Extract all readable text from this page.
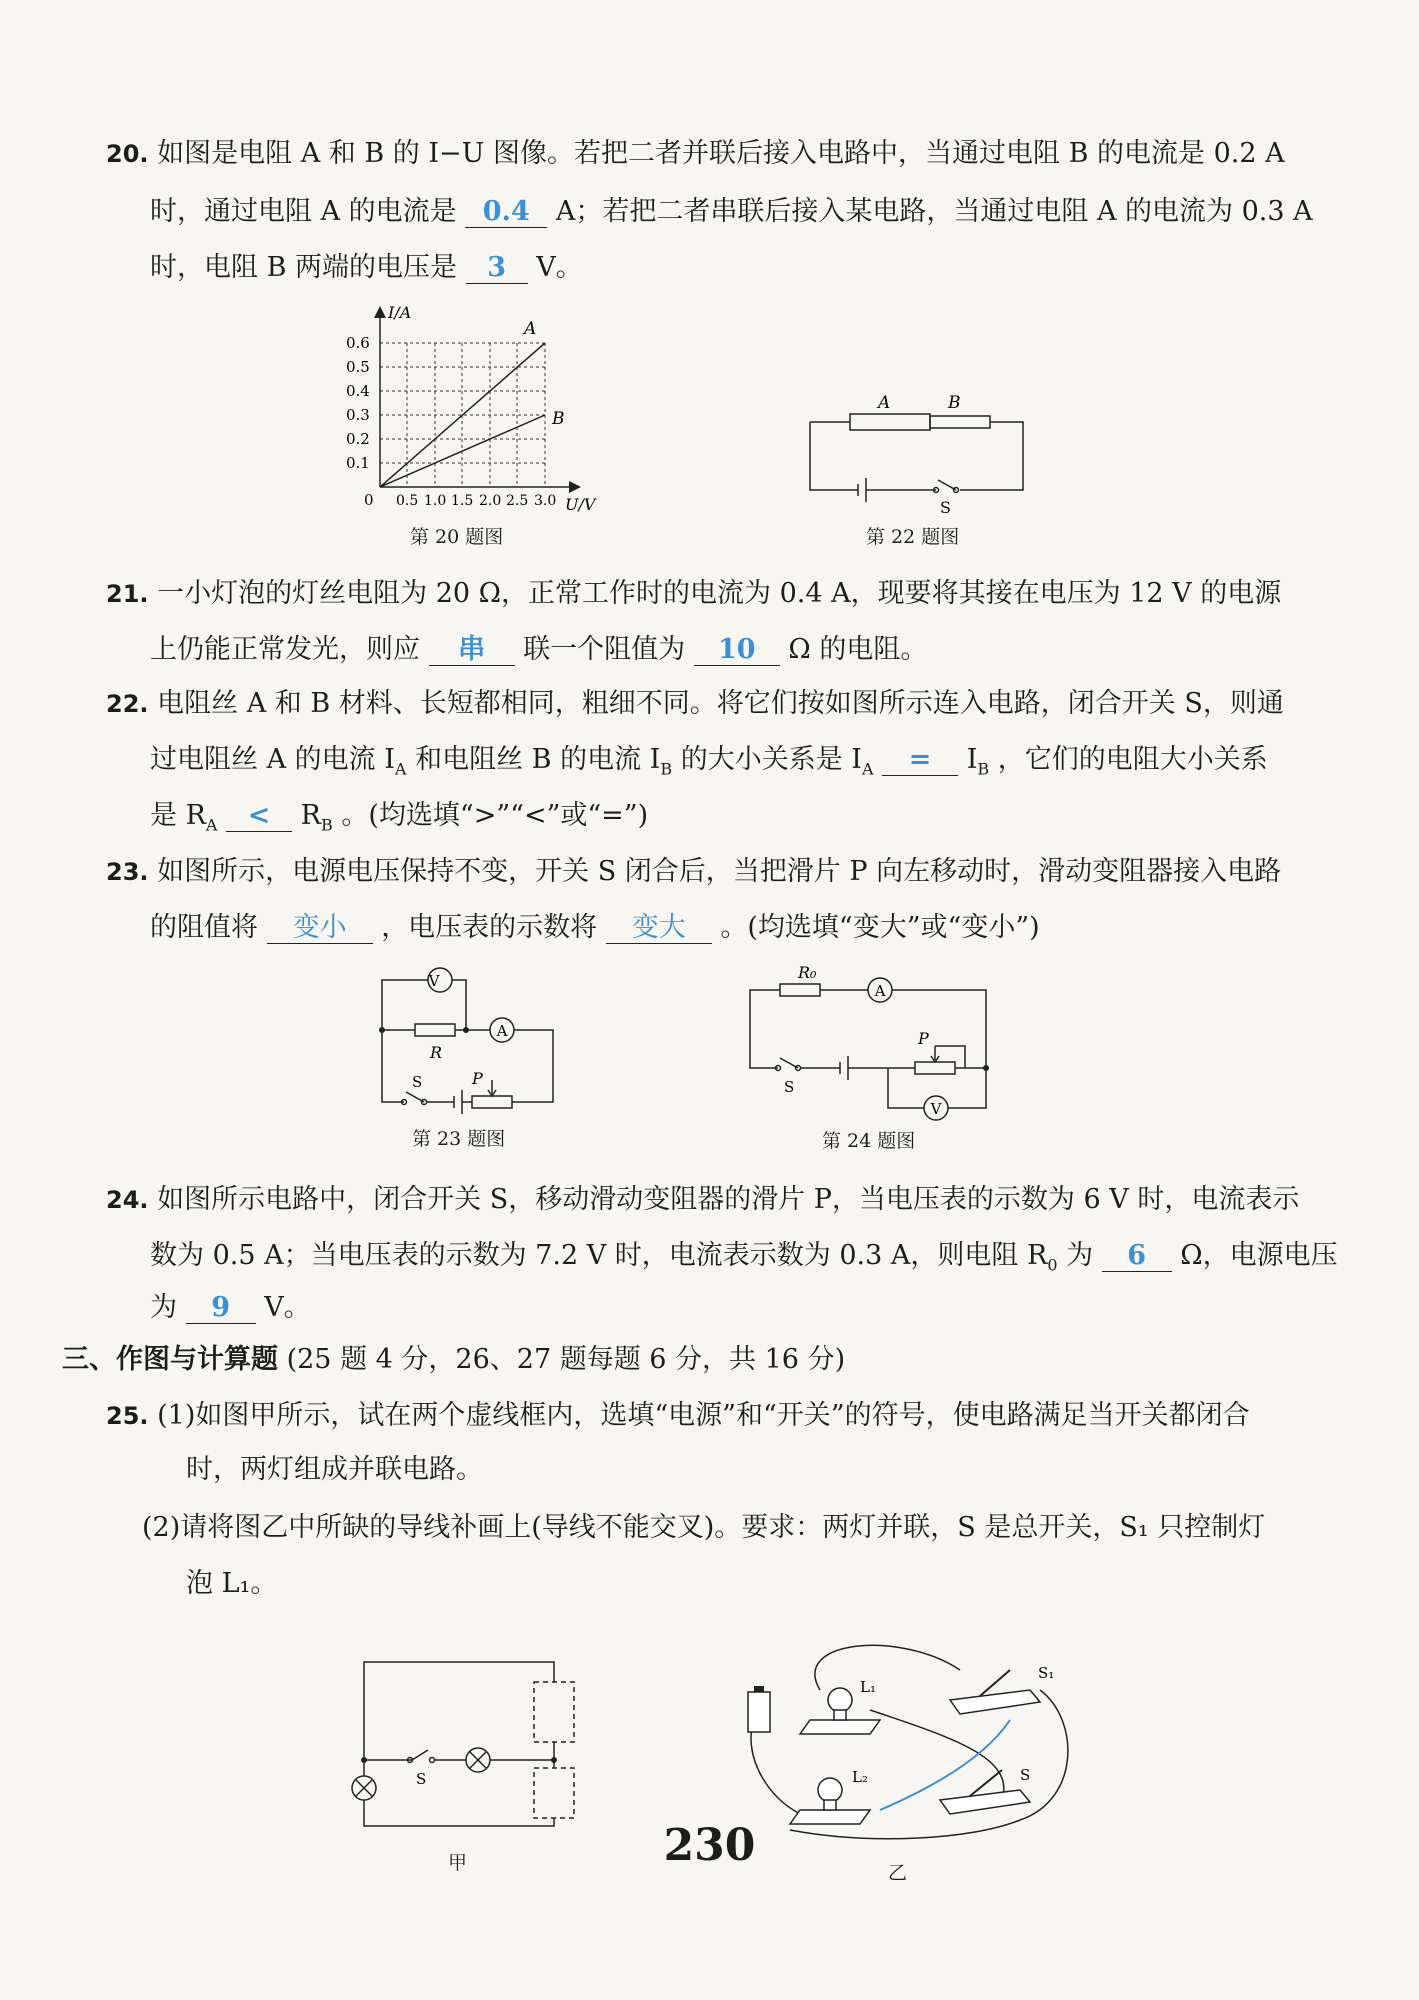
20. 如图是电阻 A 和 B 的 I−U 图像。若把二者并联后接入电路中，当通过电阻 B 的电流是 0.2 A
时，通过电阻 A 的电流是 0.4 A；若把二者串联后接入某电路，当通过电阻 A 的电流为 0.3 A
时，电阻 B 两端的电压是 3 V。
I/A
U/V
0
0.1
0.2
0.3
0.4
0.5
0.6
0.5 1.0 1.5 2.0 2.5 3.0
A
B
第 20 题图
A	B
S
第 22 题图
21. 一小灯泡的灯丝电阻为 20 Ω，正常工作时的电流为 0.4 A，现要将其接在电压为 12 V 的电源
上仍能正常发光，则应 串 联一个阻值为 10 Ω 的电阻。
22. 电阻丝 A 和 B 材料、长短都相同，粗细不同。将它们按如图所示连入电路，闭合开关 S，则通
过电阻丝 A 的电流 $I_A$ 和电阻丝 B 的电流 $I_B$ 的大小关系是 $I_A = I_B$ ，它们的电阻大小关系
是 $R_A < R_B$ 。(均选填“>”“<”或“=”)
23. 如图所示，电源电压保持不变，开关 S 闭合后，当把滑片 P 向左移动时，滑动变阻器接入电路
的阻值将 变小 ，电压表的示数将 变大 。(均选填“变大”或“变小”)
V
A
R
S	P
第 23 题图
R₀
A
V
S
P
第 24 题图
24. 如图所示电路中，闭合开关 S，移动滑动变阻器的滑片 P，当电压表的示数为 6 V 时，电流表示
数为 0.5 A；当电压表的示数为 7.2 V 时，电流表示数为 0.3 A，则电阻 $R_0$ 为 6 Ω，电源电压
为 9 V。
三、作图与计算题 (25 题 4 分，26、27 题每题 6 分，共 16 分)
25. (1)如图甲所示，试在两个虚线框内，选填“电源”和“开关”的符号，使电路满足当开关都闭合
时，两灯组成并联电路。
(2)请将图乙中所缺的导线补画上(导线不能交叉)。要求：两灯并联，S 是总开关，S₁ 只控制灯
泡 L₁。
S
甲
L₁
L₂
S₁
S
乙
230
